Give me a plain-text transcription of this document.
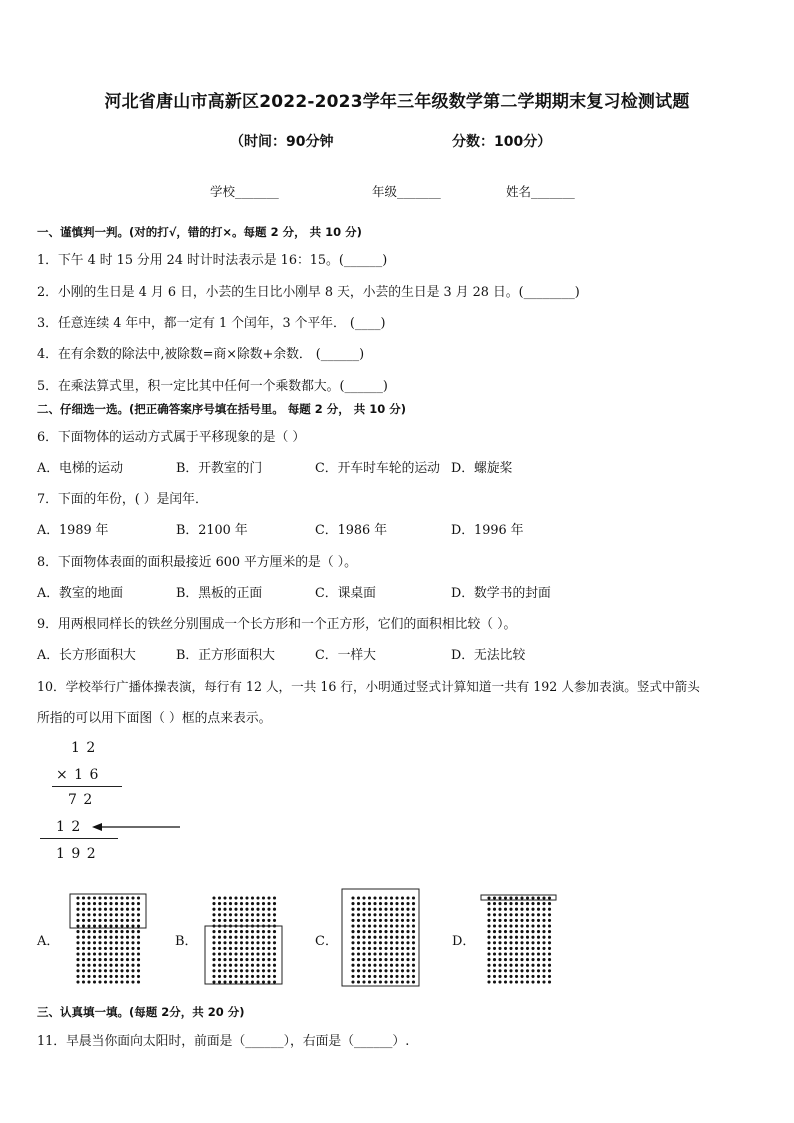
河北省唐山市高新区2022-2023学年三年级数学第二学期期末复习检测试题
（时间：90分钟	分数：100分）
学校_______	年级_______	姓名_______
一、谨慎判一判。(对的打√，错的打×。每题 2 分， 共 10 分)
1．下午 4 时 15 分用 24 时计时法表示是 16：15。(______)
2．小刚的生日是 4 月 6 日，小芸的生日比小刚早 8 天，小芸的生日是 3 月 28 日。(________)
3．任意连续 4 年中，都一定有 1 个闰年，3 个平年． (____)
4．在有余数的除法中,被除数=商×除数+余数． (______)
5．在乘法算式里，积一定比其中任何一个乘数都大。(______)
二、仔细选一选。(把正确答案序号填在括号里。 每题 2 分， 共 10 分)
6．下面物体的运动方式属于平移现象的是（ ）
A．电梯的运动	B．开教室的门	C．开车时车轮的运动 D．螺旋桨
7．下面的年份，( ）是闰年．
A．1989 年	B．2100 年	C．1986 年	D．1996 年
8．下面物体表面的面积最接近 600 平方厘米的是（ ）。
A．教室的地面	B．黑板的正面	C．课桌面	D．数学书的封面
9．用两根同样长的铁丝分别围成一个长方形和一个正方形，它们的面积相比较（ ）。
A．长方形面积大	B．正方形面积大	C．一样大	D．无法比较
10．学校举行广播体操表演，每行有 12 人，一共 16 行，小明通过竖式计算知道一共有 192 人参加表演。竖式中箭头
所指的可以用下面图（ ）框的点来表示。
1 2
× 1 6
7 2
1 2
1 9 2
A．	B．	C．	D．
三、认真填一填。(每题 2分，共 20 分)
11．早晨当你面向太阳时，前面是（______），右面是（______）.
